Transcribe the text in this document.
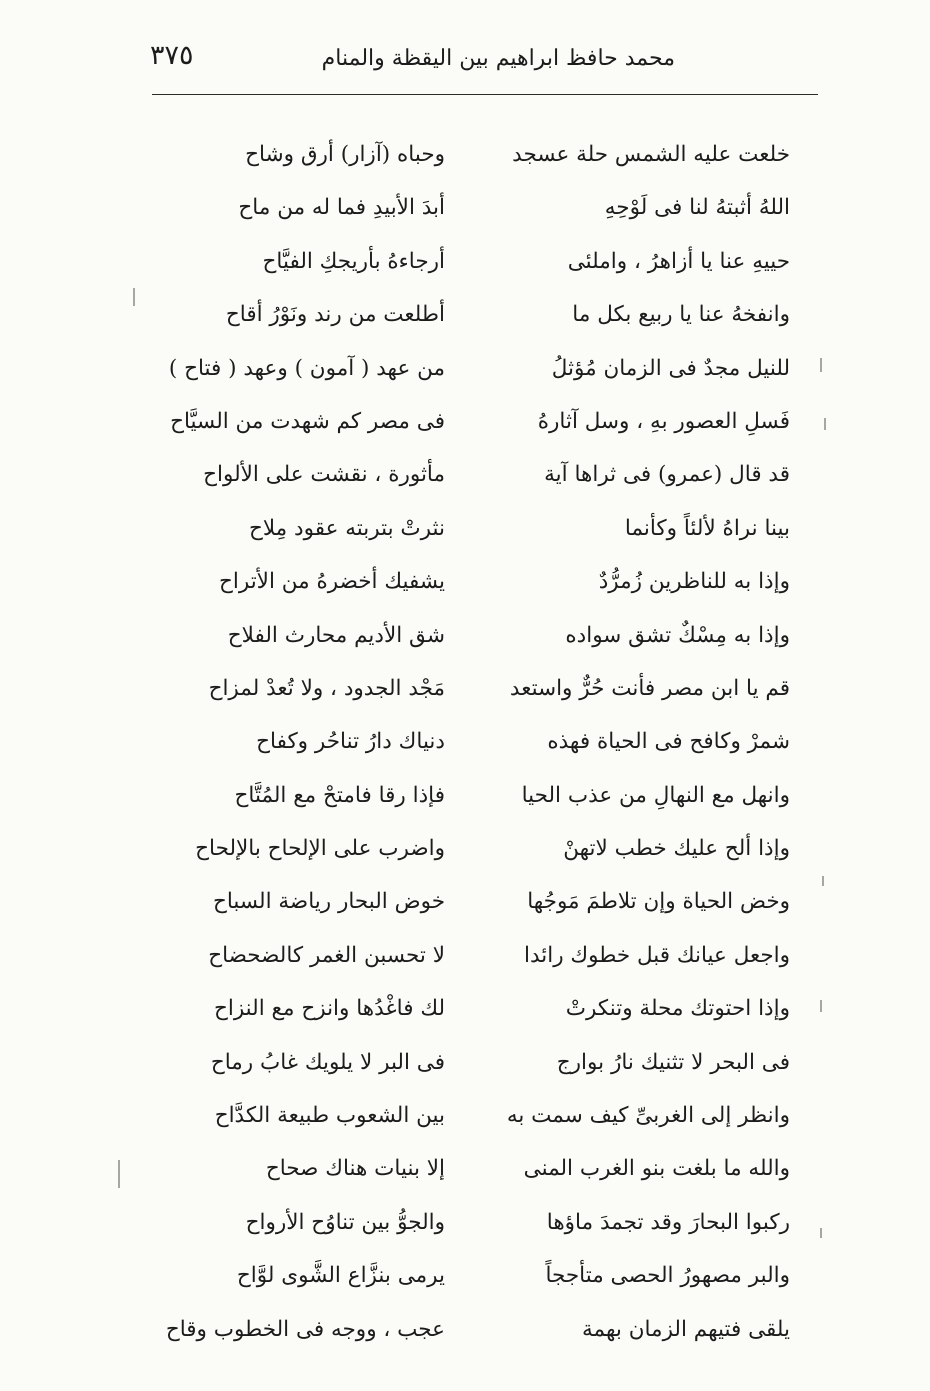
٣٧٥	محمد حافظ ابراهيم بين اليقظة والمنام
خلعت عليه الشمس حلة عسجد
وحباه (آزار) أرق وشاح
اللهُ أثبتهُ لنا فى لَوْحِهِ
أبدَ الأبيدِ فما له من ماح
حييهِ عنا يا أزاهرُ ، واملئى
أرجاءهُ بأريجكِ الفيَّاح
وانفخهُ عنا يا ربيع بكل ما
أطلعت من رند ونَوْرُ أقاح
للنيل مجدٌ فى الزمان مُؤثلُ
من عهد ( آمون ) وعهد ( فتاح )
فَسلِ العصور بهِ ، وسل آثارهُ
فى مصر كم شهدت من السيَّاح
قد قال (عمرو) فى ثراها آية
مأثورة ، نقشت على الألواح
بينا نراهُ لألئاً وكأنما
نثرتْ بتربته عقود مِلاح
وإذا به للناظرين زُمرُّدٌ
يشفيك أخضرهُ من الأتراح
وإذا به مِسْكٌ تشق سواده
شق الأديم محارث الفلاح
قم يا ابن مصر فأنت حُرٌّ واستعد
مَجْد الجدود ، ولا تُعدْ لمزاح
شمرْ وكافح فى الحياة فهذه
دنياك دارُ تناحُر وكفاح
وانهل مع النهالِ من عذب الحيا
فإذا رقا فامتحْ مع المُتَّاح
وإذا ألح عليك خطب لاتهنْ
واضرب على الإلحاح بالإلحاح
وخض الحياة وإن تلاطمَ مَوجُها
خوض البحار رياضة السباح
واجعل عيانك قبل خطوك رائدا
لا تحسبن الغمر كالضحضاح
وإذا احتوتك محلة وتنكرتْ
لك فاغْدُها وانزح مع النزاح
فى البحر لا تثنيك نارُ بوارج
فى البر لا يلويك غابُ رماح
وانظر إلى الغربىِّ كيف سمت به
بين الشعوب طبيعة الكدَّاح
والله ما بلغت بنو الغرب المنى
إلا بنيات هناك صحاح
ركبوا البحارَ وقد تجمدَ ماؤها
والجوُّ بين تناوُح الأرواح
والبر مصهورُ الحصى متأججاً
يرمى بنزَّاع الشَّوى لوَّاح
يلقى فتيهم الزمان بهمة
عجب ، ووجه فى الخطوب وقاح
